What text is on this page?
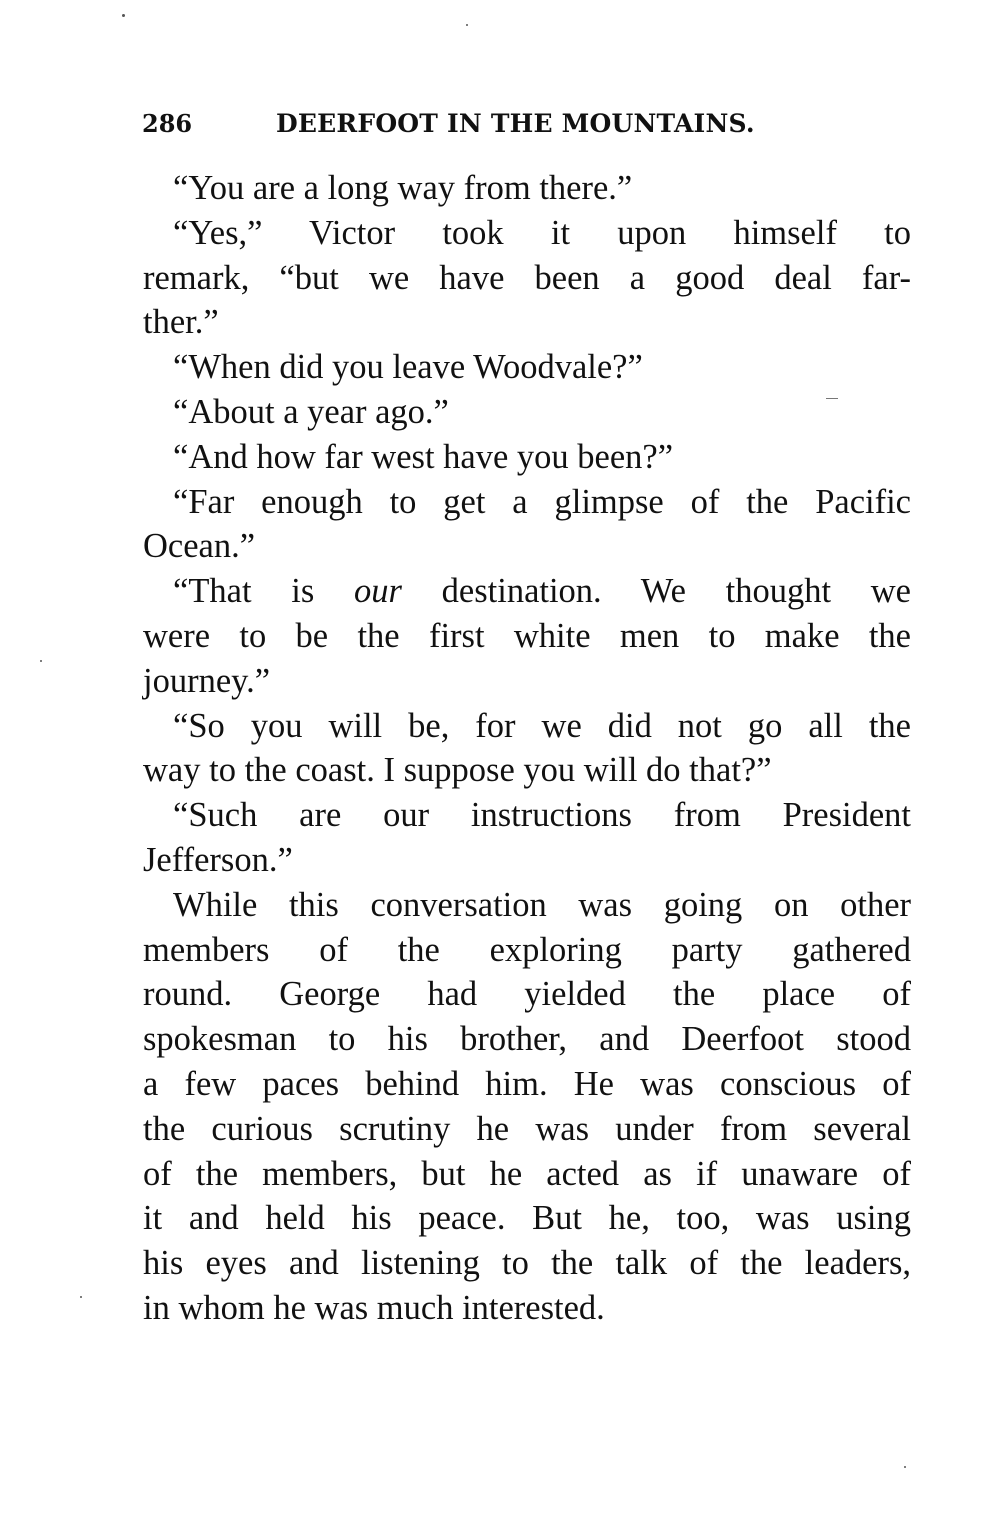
286	DEERFOOT IN THE MOUNTAINS.

“You are a long way from there.”

“Yes,” Victor took it upon himself to
remark, “but we have been a good deal far-
ther.”

“When did you leave Woodvale?”

“About a year ago.”

“And how far west have you been?”

“Far enough to get a glimpse of the Pacific
Ocean.”

“That is our destination. We thought we
were to be the first white men to make the
journey.”

“So you will be, for we did not go all the
way to the coast. I suppose you will do that?”

“Such are our instructions from President
Jefferson.”

While this conversation was going on other
members of the exploring party gathered
round. George had yielded the place of
spokesman to his brother, and Deerfoot stood
a few paces behind him. He was conscious of
the curious scrutiny he was under from several
of the members, but he acted as if unaware of
it and held his peace. But he, too, was using
his eyes and listening to the talk of the leaders,
in whom he was much interested.
